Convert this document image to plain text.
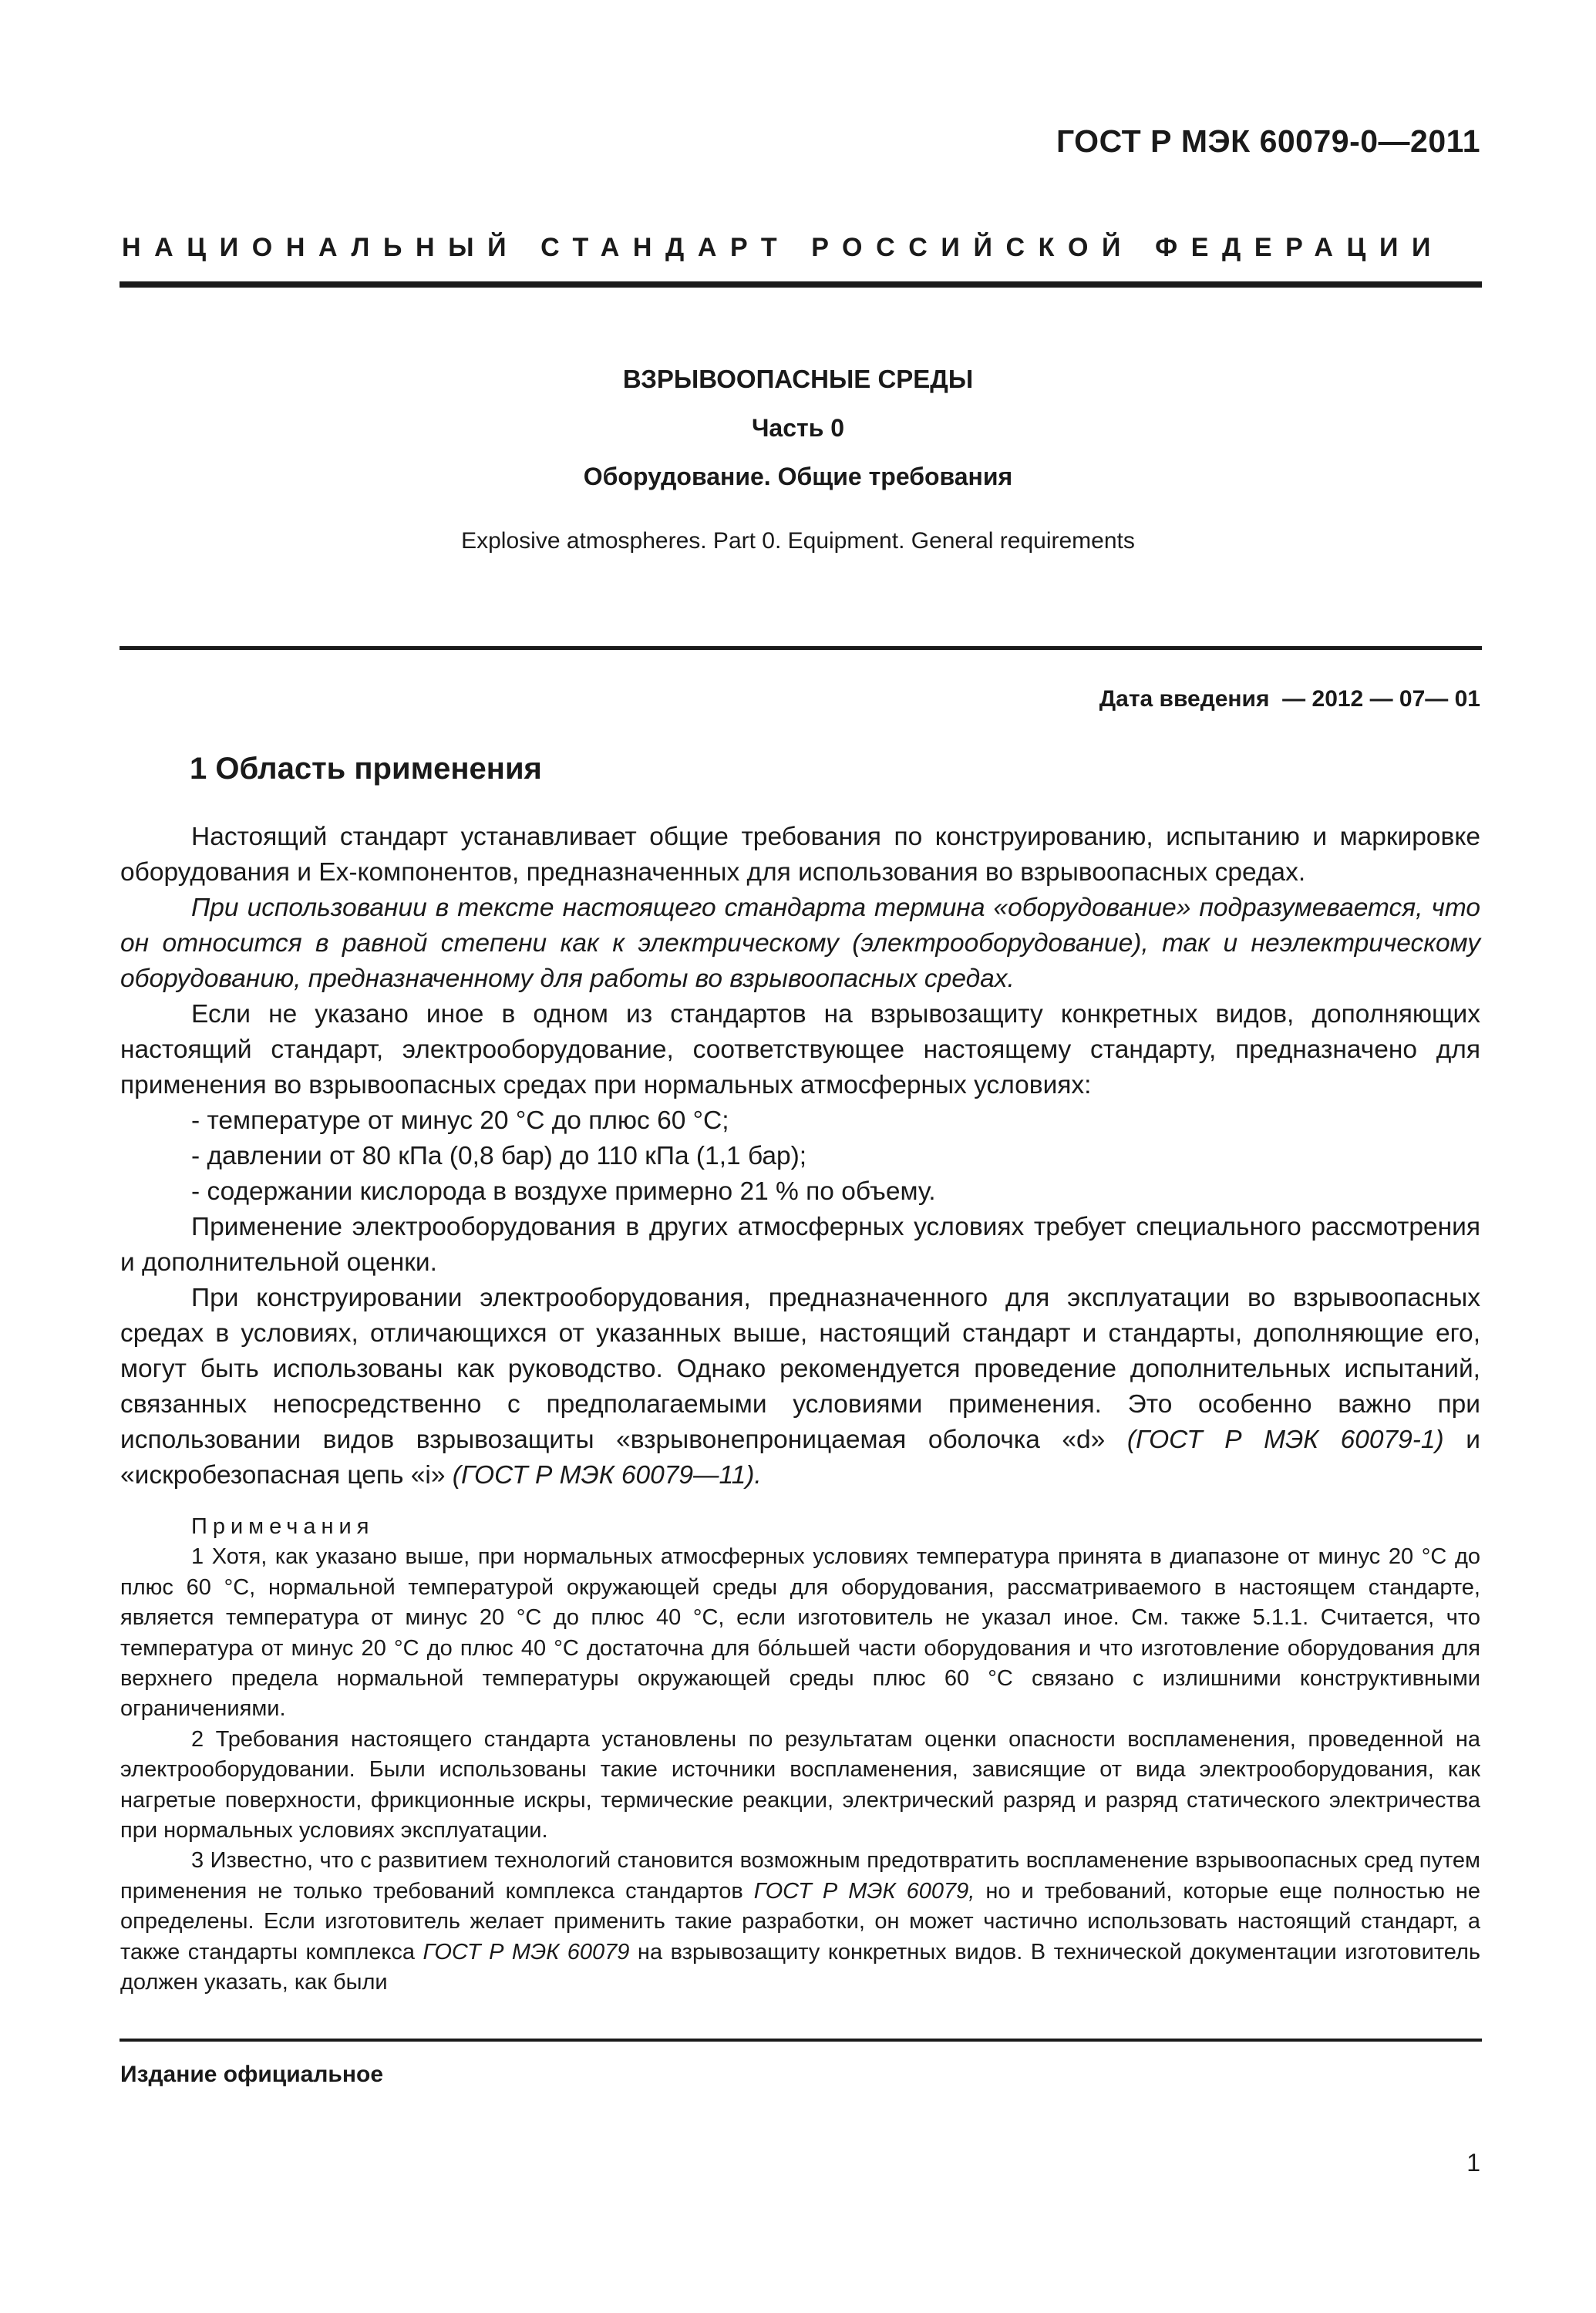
ГОСТ Р МЭК 60079-0—2011
НАЦИОНАЛЬНЫЙ СТАНДАРТ РОССИЙСКОЙ ФЕДЕРАЦИИ
ВЗРЫВООПАСНЫЕ СРЕДЫ
Часть 0
Оборудование. Общие требования
Explosive atmospheres. Part 0. Equipment. General requirements
Дата введения  — 2012 — 07— 01
1 Область применения

Настоящий стандарт устанавливает общие требования по конструированию, испытанию и маркировке оборудования и Ех-компонентов, предназначенных для использования во взрывоопасных средах.

При использовании в тексте настоящего стандарта термина «оборудование» подразумевается, что он относится в равной степени как к электрическому (электрооборудование), так и неэлектрическому оборудованию, предназначенному для работы во взрывоопасных средах.

Если не указано иное в одном из стандартов на взрывозащиту конкретных видов, дополняющих настоящий стандарт, электрооборудование, соответствующее настоящему стандарту, предназначено для применения во взрывоопасных средах при нормальных атмосферных условиях:

- температуре от минус 20 °С до плюс 60 °С;

- давлении от 80 кПа (0,8 бар) до 110 кПа (1,1 бар);

- содержании кислорода в воздухе примерно 21 % по объему.

Применение электрооборудования в других атмосферных условиях требует специального рассмотрения и дополнительной оценки.

При конструировании электрооборудования, предназначенного для эксплуатации во взрывоопасных средах в условиях, отличающихся от указанных выше, настоящий стандарт и стандарты, дополняющие его, могут быть использованы как руководство. Однако рекомендуется проведение дополнительных испытаний, связанных непосредственно с предполагаемыми условиями применения. Это особенно важно при использовании видов взрывозащиты «взрывонепроницаемая оболочка «d» (ГОСТ Р МЭК 60079-1) и «искробезопасная цепь «i» (ГОСТ Р МЭК 60079—11).

Примечания

1 Хотя, как указано выше, при нормальных атмосферных условиях температура принята в диапазоне от минус 20 °С до плюс 60 °С, нормальной температурой окружающей среды для оборудования, рассматриваемого в настоящем стандарте, является температура от минус 20 °С до плюс 40 °С, если изготовитель не указал иное. См. также 5.1.1. Считается, что температура от минус 20 °С до плюс 40 °С достаточна для бо́льшей части оборудования и что изготовление оборудования для верхнего предела нормальной температуры окружающей среды плюс 60 °С связано с излишними конструктивными ограничениями.

2 Требования настоящего стандарта установлены по результатам оценки опасности воспламенения, проведенной на электрооборудовании. Были использованы такие источники воспламенения, зависящие от вида электрооборудования, как нагретые поверхности, фрикционные искры, термические реакции, электрический разряд и разряд статического электричества при нормальных условиях эксплуатации.

3 Известно, что с развитием технологий становится возможным предотвратить воспламенение взрывоопасных сред путем применения не только требований комплекса стандартов ГОСТ Р МЭК 60079, но и требований, которые еще полностью не определены. Если изготовитель желает применить такие разработки, он может частично использовать настоящий стандарт, а также стандарты комплекса ГОСТ Р МЭК 60079 на взрывозащиту конкретных видов. В технической документации изготовитель должен указать, как были

Издание официальное
1
